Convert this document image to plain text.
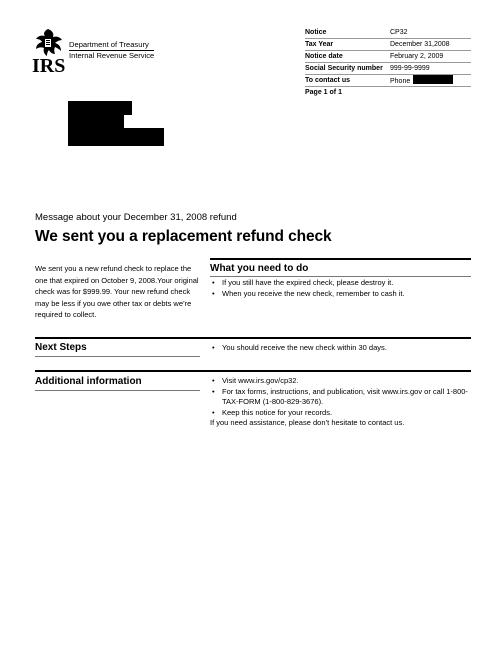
IRS
Department of Treasury

Internal Revenue Service
Notice	CP32
Tax Year	December 31,2008
Notice date	February 2, 2009
Social Security number	999-99-9999
To contact us	Phone
Page 1 of 1
Message about your December 31, 2008 refund
We sent you a replacement refund check
We sent you a new refund check to replace the one that expired on October 9, 2008.Your original check was for $999.99. Your new refund check may be less if you owe other tax or debts we’re required to collect.
What you need to do
• If you still have the expired check, please destroy it.
• When you receive the new check, remember to cash it.
Next Steps	• You should receive the new check within 30 days.
Additional information	• Visit www.irs.gov/cp32.
• For tax forms, instructions, and publication, visit www.irs.gov or call 1-800-TAX-FORM (1-800-829-3676).
• Keep this notice for your records.
If you need assistance, please don’t hesitate to contact us.
